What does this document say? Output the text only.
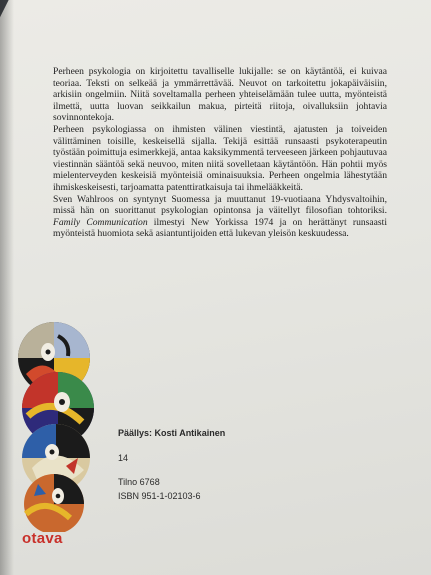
Perheen psykologia on kirjoitettu tavalliselle lukijalle: se on käytäntöä, ei kuivaa teoriaa. Teksti on selkeää ja ymmärrettävää. Neuvot on tarkoitettu jokapäiväisiin, arkisiin ongelmiin. Niitä soveltamalla perheen yhteiselämään tulee uutta, myönteistä ilmettä, uutta luovan seikkailun makua, pirteitä riitoja, oivalluksiin johtavia sovinnontekoja.

Perheen psykologiassa on ihmisten välinen viestintä, ajatusten ja toiveiden välittäminen toisille, keskeisellä sijalla. Tekijä esittää runsaasti psykoterapeutin työstään poimittuja esimerkkejä, antaa kaksikymmentä terveeseen järkeen pohjautuvaa viestinnän sääntöä sekä neuvoo, miten niitä sovelletaan käytäntöön. Hän pohtii myös mielenterveyden keskeisiä myönteisiä ominaisuuksia. Perheen ongelmia lähestytään ihmiskeskeisesti, tarjoamatta patenttiratkaisuja tai ihmelääkkeitä.

Sven Wahlroos on syntynyt Suomessa ja muuttanut 19-vuotiaana Yhdysvaltoihin, missä hän on suorittanut psykologian opintonsa ja väitellyt filosofian tohtoriksi. Family Communication ilmestyi New Yorkissa 1974 ja on herättänyt runsaasti myönteistä huomiota sekä asiantuntijoiden että lukevan yleisön keskuudessa.

Päällys: Kosti Antikainen
14
Tilno 6768
ISBN 951-1-02103-6
otava
